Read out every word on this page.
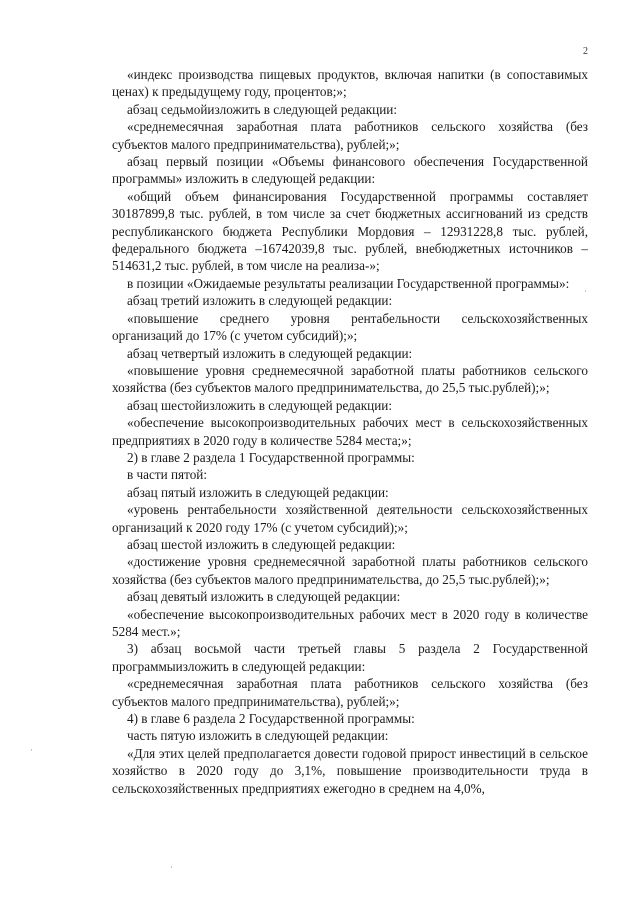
2

«индекс производства пищевых продуктов, включая напитки (в сопоставимых ценах) к предыдущему году, процентов;»;

абзац седьмойизложить в следующей редакции:

«среднемесячная заработная плата работников сельского хозяйства (без субъектов малого предпринимательства), рублей;»;

абзац первый позиции «Объемы финансового обеспечения Государственной программы» изложить в следующей редакции:

«общий объем финансирования Государственной программы составляет 30187899,8 тыс. рублей, в том числе за счет бюджетных ассигнований из средств республиканского бюджета Республики Мордовия – 12931228,8 тыс. рублей, федерального бюджета –16742039,8 тыс. рублей, внебюджетных источников – 514631,2 тыс. рублей, в том числе на реализа-»;

в позиции «Ожидаемые результаты реализации Государственной программы»:

абзац третий изложить в следующей редакции:

«повышение среднего уровня рентабельности сельскохозяйственных организаций до 17% (с учетом субсидий);»;

абзац четвертый изложить в следующей редакции:

«повышение уровня среднемесячной заработной платы работников сельского хозяйства (без субъектов малого предпринимательства, до 25,5 тыс.рублей);»;

абзац шестойизложить в следующей редакции:

«обеспечение высокопроизводительных рабочих мест в сельскохозяйственных предприятиях в 2020 году в количестве 5284 места;»;

2) в главе 2 раздела 1 Государственной программы:

в части пятой:

абзац пятый изложить в следующей редакции:

«уровень рентабельности хозяйственной деятельности сельскохозяйственных организаций к 2020 году 17% (с учетом субсидий);»;

абзац шестой изложить в следующей редакции:

«достижение уровня среднемесячной заработной платы работников сельского хозяйства (без субъектов малого предпринимательства, до 25,5 тыс.рублей);»;

абзац девятый изложить в следующей редакции:

«обеспечение высокопроизводительных рабочих мест в 2020 году в количестве 5284 мест.»;

3) абзац восьмой части третьей главы 5 раздела 2 Государственной программыизложить в следующей редакции:

«среднемесячная заработная плата работников сельского хозяйства (без субъектов малого предпринимательства), рублей;»;

4) в главе 6 раздела 2 Государственной программы:

часть пятую изложить в следующей редакции:

«Для этих целей предполагается довести годовой прирост инвестиций в сельское хозяйство в 2020 году до 3,1%, повышение производительности труда в сельскохозяйственных предприятиях ежегодно в среднем на 4,0%,

·
·
·
